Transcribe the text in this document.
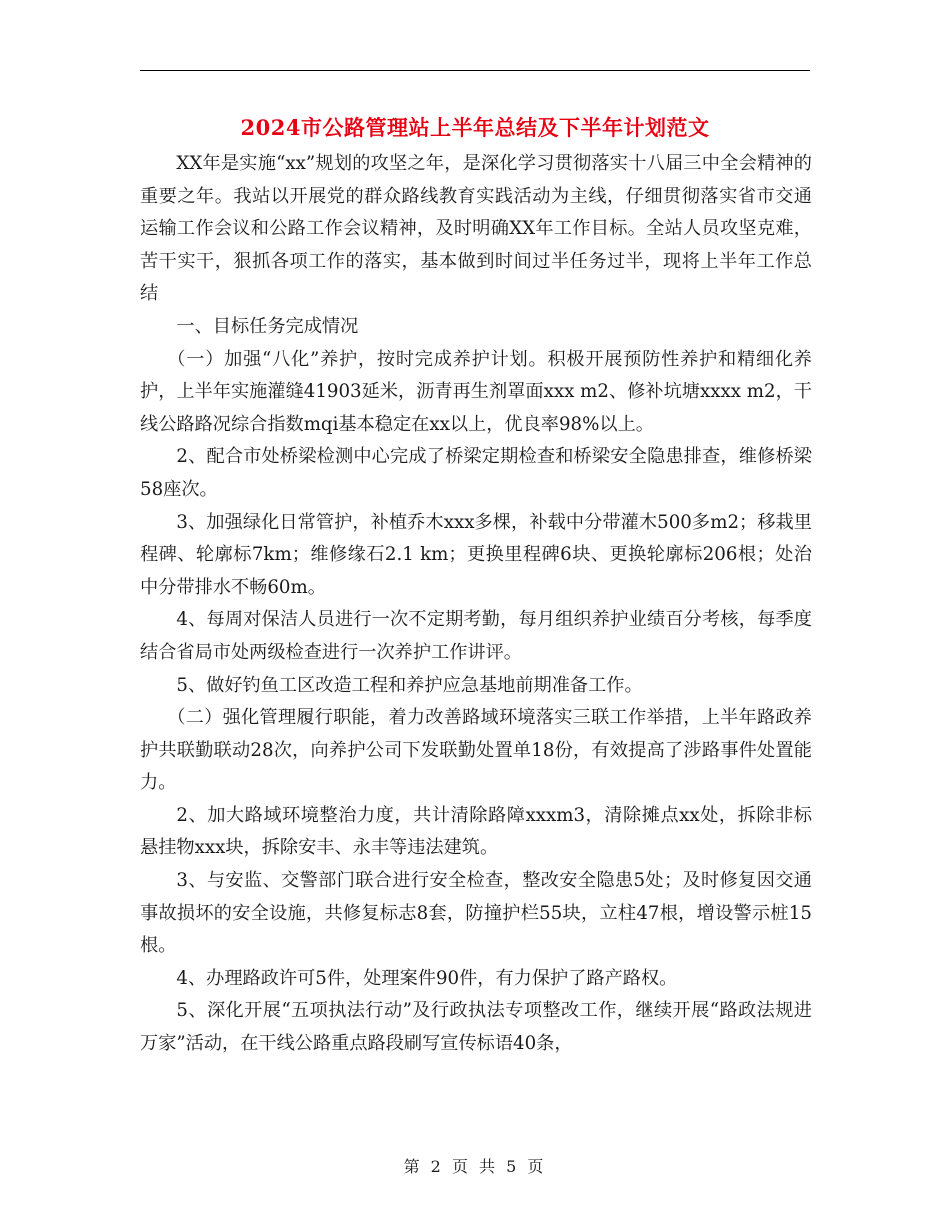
2024市公路管理站上半年总结及下半年计划范文

XX年是实施“xx”规划的攻坚之年，是深化学习贯彻落实十八届三中全会精神的重要之年。我站以开展党的群众路线教育实践活动为主线，仔细贯彻落实省市交通运输工作会议和公路工作会议精神，及时明确XX年工作目标。全站人员攻坚克难，苦干实干，狠抓各项工作的落实，基本做到时间过半任务过半，现将上半年工作总结

一、目标任务完成情况

（一）加强“八化”养护，按时完成养护计划。积极开展预防性养护和精细化养护，上半年实施灌缝41903延米，沥青再生剂罩面xxx m2、修补坑塘xxxx m2，干线公路路况综合指数mqi基本稳定在xx以上，优良率98%以上。

2、配合市处桥梁检测中心完成了桥梁定期检查和桥梁安全隐患排查，维修桥梁58座次。

3、加强绿化日常管护，补植乔木xxx多棵，补载中分带灌木500多m2；移栽里程碑、轮廓标7km；维修缘石2.1 km；更换里程碑6块、更换轮廓标206根；处治中分带排水不畅60m。

4、每周对保洁人员进行一次不定期考勤，每月组织养护业绩百分考核，每季度结合省局市处两级检查进行一次养护工作讲评。

5、做好钓鱼工区改造工程和养护应急基地前期准备工作。

（二）强化管理履行职能，着力改善路域环境落实三联工作举措，上半年路政养护共联勤联动28次，向养护公司下发联勤处置单18份，有效提高了涉路事件处置能力。

2、加大路域环境整治力度，共计清除路障xxxm3，清除摊点xx处，拆除非标悬挂物xxx块，拆除安丰、永丰等违法建筑。

3、与安监、交警部门联合进行安全检查，整改安全隐患5处；及时修复因交通事故损坏的安全设施，共修复标志8套，防撞护栏55块，立柱47根，增设警示桩15根。

4、办理路政许可5件，处理案件90件，有力保护了路产路权。

5、深化开展“五项执法行动”及行政执法专项整改工作，继续开展“路政法规进万家”活动，在干线公路重点路段刷写宣传标语40条，

第 2 页 共 5 页
